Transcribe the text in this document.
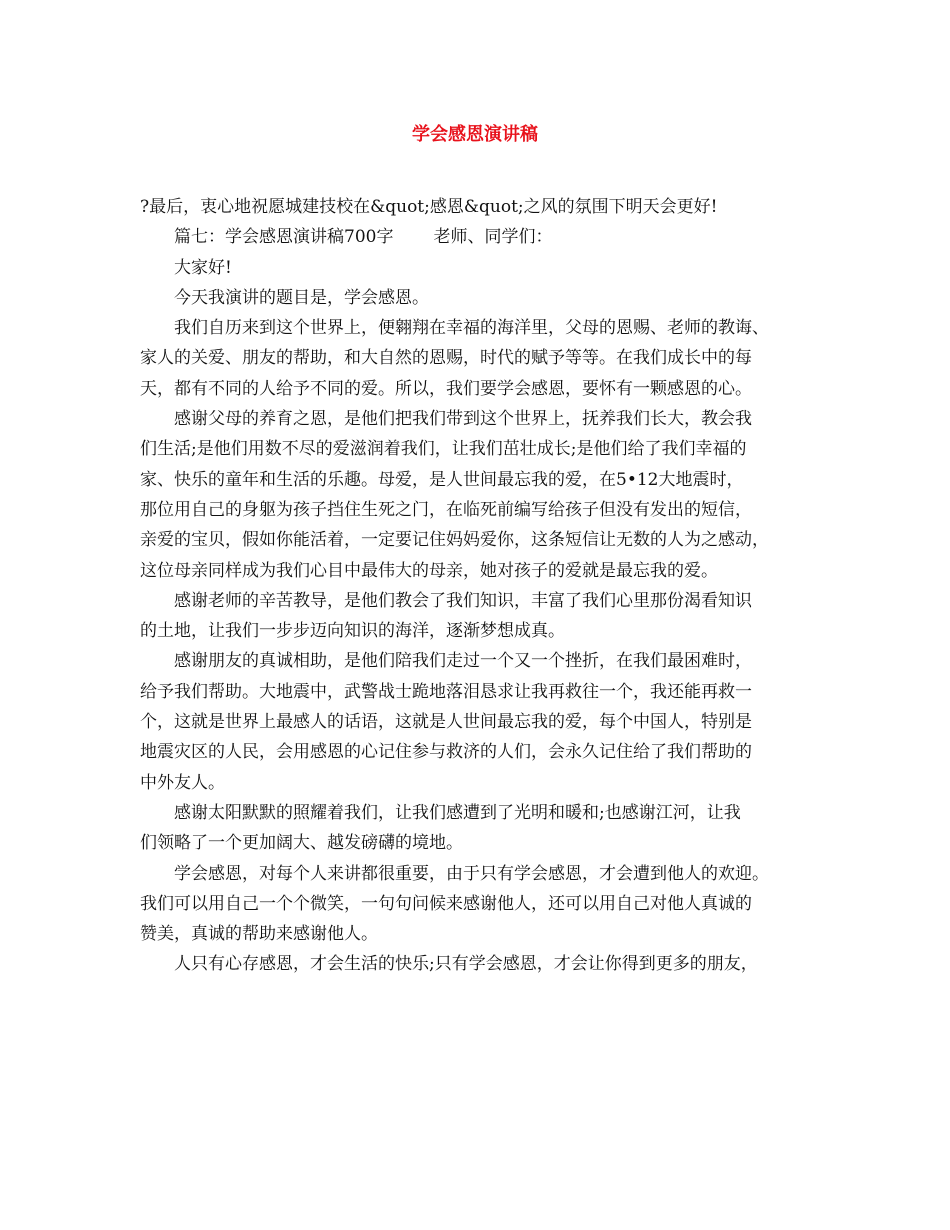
学会感恩演讲稿
?最后，衷心地祝愿城建技校在&quot;感恩&quot;之风的氛围下明天会更好!
篇七：学会感恩演讲稿700字 老师、同学们：
大家好!
今天我演讲的题目是，学会感恩。
我们自历来到这个世界上，便翱翔在幸福的海洋里，父母的恩赐、老师的教诲、
家人的关爱、朋友的帮助，和大自然的恩赐，时代的赋予等等。在我们成长中的每
天，都有不同的人给予不同的爱。所以，我们要学会感恩，要怀有一颗感恩的心。
感谢父母的养育之恩，是他们把我们带到这个世界上，抚养我们长大，教会我
们生活;是他们用数不尽的爱滋润着我们，让我们茁壮成长;是他们给了我们幸福的
家、快乐的童年和生活的乐趣。母爱，是人世间最忘我的爱，在5•12大地震时，
那位用自己的身躯为孩子挡住生死之门，在临死前编写给孩子但没有发出的短信，
亲爱的宝贝，假如你能活着，一定要记住妈妈爱你，这条短信让无数的人为之感动，
这位母亲同样成为我们心目中最伟大的母亲，她对孩子的爱就是最忘我的爱。
感谢老师的辛苦教导，是他们教会了我们知识，丰富了我们心里那份渴看知识
的土地，让我们一步步迈向知识的海洋，逐渐梦想成真。
感谢朋友的真诚相助，是他们陪我们走过一个又一个挫折，在我们最困难时，
给予我们帮助。大地震中，武警战士跪地落泪恳求让我再救往一个，我还能再救一
个，这就是世界上最感人的话语，这就是人世间最忘我的爱，每个中国人，特别是
地震灾区的人民，会用感恩的心记住参与救济的人们，会永久记住给了我们帮助的
中外友人。
感谢太阳默默的照耀着我们，让我们感遭到了光明和暖和;也感谢江河，让我
们领略了一个更加阔大、越发磅礴的境地。
学会感恩，对每个人来讲都很重要，由于只有学会感恩，才会遭到他人的欢迎。
我们可以用自己一个个微笑，一句句问候来感谢他人，还可以用自己对他人真诚的
赞美，真诚的帮助来感谢他人。
人只有心存感恩，才会生活的快乐;只有学会感恩，才会让你得到更多的朋友，
